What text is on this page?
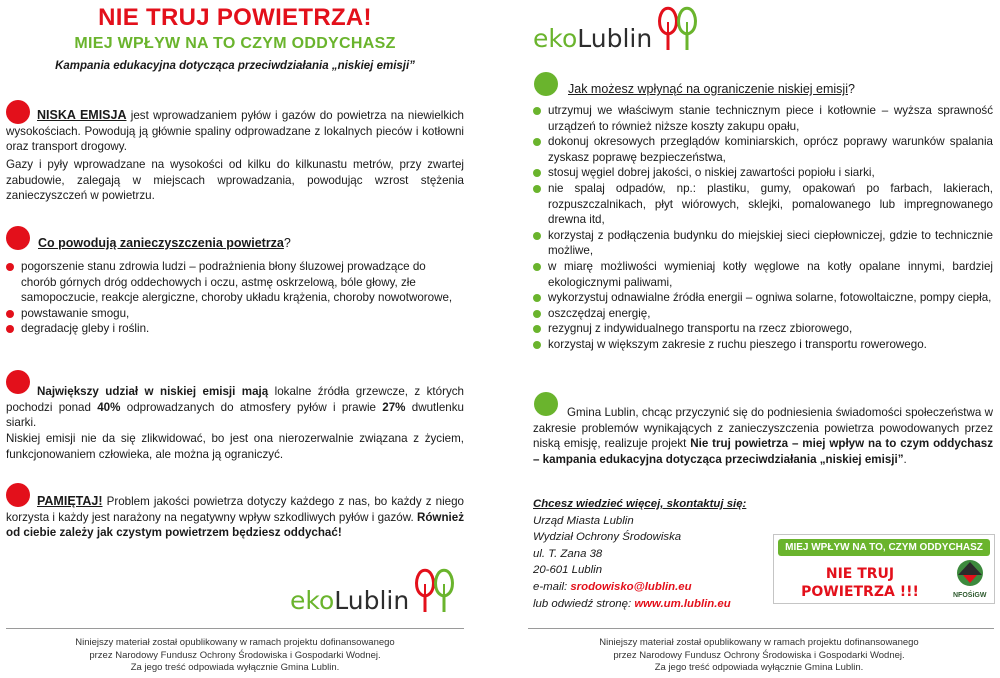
NIE TRUJ POWIETRZA!
MIEJ WPŁYW NA TO CZYM ODDYCHASZ
Kampania edukacyjna dotycząca przeciwdziałania „niskiej emisji”
NISKA EMISJA jest wprowadzaniem pyłów i gazów do powietrza na niewielkich wysokościach. Powodują ją głównie spaliny odprowadzane z lokalnych pieców i kotłowni oraz transport drogowy.
Gazy i pyły wprowadzane na wysokości od kilku do kilkunastu metrów, przy zwartej zabudowie, zalegają w miejscach wprowadzania, powodując wzrost stężenia zanieczyszczeń w powietrzu.
Co powodują zanieczyszczenia powietrza?
pogorszenie stanu zdrowia ludzi – podrażnienia błony śluzowej prowadzące do chorób górnych dróg oddechowych i oczu, astmę oskrzelową, bóle głowy, złe samopoczucie, reakcje alergiczne, choroby układu krążenia, choroby nowotworowe,
powstawanie smogu,
degradację gleby i roślin.
Największy udział w niskiej emisji mają lokalne źródła grzewcze, z których pochodzi ponad 40% odprowadzanych do atmosfery pyłów i prawie 27% dwutlenku siarki.
Niskiej emisji nie da się zlikwidować, bo jest ona nierozerwalnie związana z życiem, funkcjonowaniem człowieka, ale można ją ograniczyć.
PAMIĘTAJ! Problem jakości powietrza dotyczy każdego z nas, bo każdy z niego korzysta i każdy jest narażony na negatywny wpływ szkodliwych pyłów i gazów. Również od ciebie zależy jak czystym powietrzem będziesz oddychać!
eko Lublin
Niniejszy materiał został opublikowany w ramach projektu dofinansowanego
przez Narodowy Fundusz Ochrony Środowiska i Gospodarki Wodnej.
Za jego treść odpowiada wyłącznie Gmina Lublin.
eko Lublin
Jak możesz wpłynąć na ograniczenie niskiej emisji?
utrzymuj we właściwym stanie technicznym piece i kotłownie – wyższa sprawność urządzeń to również niższe koszty zakupu opału,
dokonuj okresowych przeglądów kominiarskich, oprócz poprawy warunków spalania zyskasz poprawę bezpieczeństwa,
stosuj węgiel dobrej jakości, o niskiej zawartości popiołu i siarki,
nie spalaj odpadów, np.: plastiku, gumy, opakowań po farbach, lakierach, rozpuszczalnikach, płyt wiórowych, sklejki, pomalowanego lub impregnowanego drewna itd,
korzystaj z podłączenia budynku do miejskiej sieci ciepłowniczej, gdzie to technicznie możliwe,
w miarę możliwości wymieniaj kotły węglowe na kotły opalane innymi, bardziej ekologicznymi paliwami,
wykorzystuj odnawialne źródła energii – ogniwa solarne, fotowoltaiczne, pompy ciepła,
oszczędzaj energię,
rezygnuj z indywidualnego transportu na rzecz zbiorowego,
korzystaj w większym zakresie z ruchu pieszego i transportu rowerowego.
Gmina Lublin, chcąc przyczynić się do podniesienia świadomości społeczeństwa w zakresie problemów wynikających z zanieczyszczenia powietrza powodowanych przez niską emisję, realizuje projekt Nie truj powietrza – miej wpływ na to czym oddychasz – kampania edukacyjna dotycząca przeciwdziałania „niskiej emisji”.
Chcesz wiedzieć więcej, skontaktuj się:
Urząd Miasta Lublin
Wydział Ochrony Środowiska
ul. T. Zana 38
20-601 Lublin
e-mail: srodowisko@lublin.eu
lub odwiedź stronę: www.um.lublin.eu
MIEJ WPŁYW NA TO, CZYM ODDYCHASZ
NIE TRUJ POWIETRZA !!!	NFOŚiGW
Niniejszy materiał został opublikowany w ramach projektu dofinansowanego
przez Narodowy Fundusz Ochrony Środowiska i Gospodarki Wodnej.
Za jego treść odpowiada wyłącznie Gmina Lublin.
